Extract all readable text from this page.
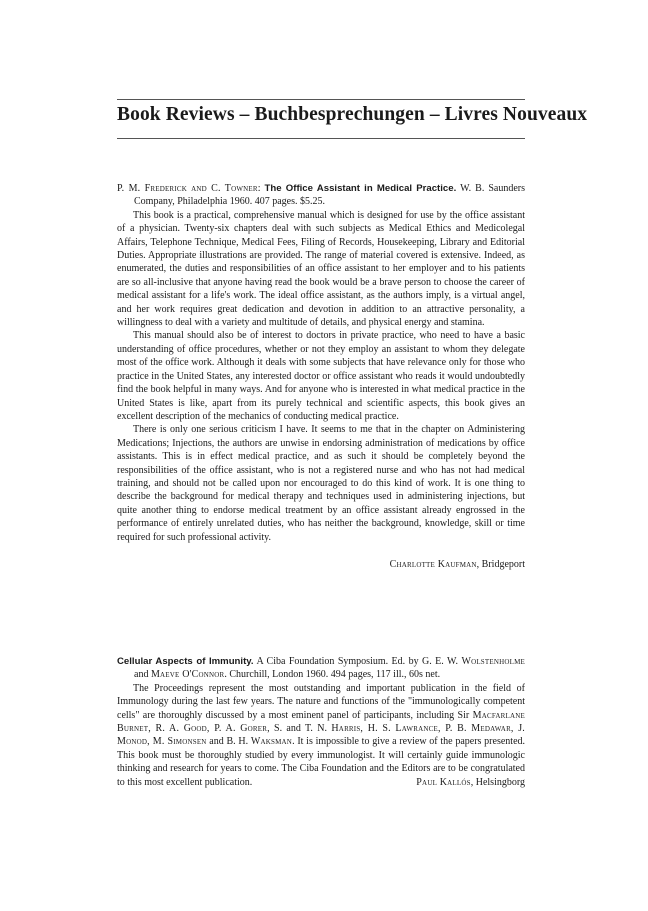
Book Reviews – Buchbesprechungen – Livres Nouveaux

P. M. Frederick and C. Towner: The Office Assistant in Medical Practice. W. B. Saunders Company, Philadelphia 1960. 407 pages. $5.25.

This book is a practical, comprehensive manual which is designed for use by the office assistant of a physician. Twenty-six chapters deal with such subjects as Medical Ethics and Medicolegal Affairs, Telephone Technique, Medical Fees, Filing of Records, Housekeeping, Library and Editorial Duties. Appropriate illustrations are provided. The range of material covered is extensive. Indeed, as enumerated, the duties and responsibilities of an office assistant to her employer and to his patients are so all-inclusive that anyone having read the book would be a brave person to choose the career of medical assistant for a life's work. The ideal office assistant, as the authors imply, is a virtual angel, and her work requires great dedication and devotion in addition to an attractive personality, a willingness to deal with a variety and multitude of details, and physical energy and stamina.

This manual should also be of interest to doctors in private practice, who need to have a basic understanding of office procedures, whether or not they employ an assistant to whom they delegate most of the office work. Although it deals with some subjects that have relevance only for those who practice in the United States, any interested doctor or office assistant who reads it would undoubtedly find the book helpful in many ways. And for anyone who is interested in what medical practice in the United States is like, apart from its purely technical and scientific aspects, this book gives an excellent description of the mechanics of conducting medical practice.

There is only one serious criticism I have. It seems to me that in the chapter on Administering Medications; Injections, the authors are unwise in endorsing administration of medications by office assistants. This is in effect medical practice, and as such it should be completely beyond the responsibilities of the office assistant, who is not a registered nurse and who has not had medical training, and should not be called upon nor encouraged to do this kind of work. It is one thing to describe the background for medical therapy and techniques used in administering injections, but quite another thing to endorse medical treatment by an office assistant already engrossed in the performance of entirely unrelated duties, who has neither the background, knowledge, skill or time required for such professional activity.

Charlotte Kaufman, Bridgeport

Cellular Aspects of Immunity. A Ciba Foundation Symposium. Ed. by G. E. W. Wolstenholme and Maeve O'Connor. Churchill, London 1960. 494 pages, 117 ill., 60s net.

The Proceedings represent the most outstanding and important publication in the field of Immunology during the last few years. The nature and functions of the "immunologically competent cells" are thoroughly discussed by a most eminent panel of participants, including Sir Macfarlane Burnet, R. A. Good, P. A. Gorer, S. and T. N. Harris, H. S. Lawrance, P. B. Medawar, J. Monod, M. Simonsen and B. H. Waksman. It is impossible to give a review of the papers presented. This book must be thoroughly studied by every immunologist. It will certainly guide immunologic thinking and research for years to come. The Ciba Foundation and the Editors are to be congratulated to this most excellent publication.	Paul Kallós, Helsingborg
